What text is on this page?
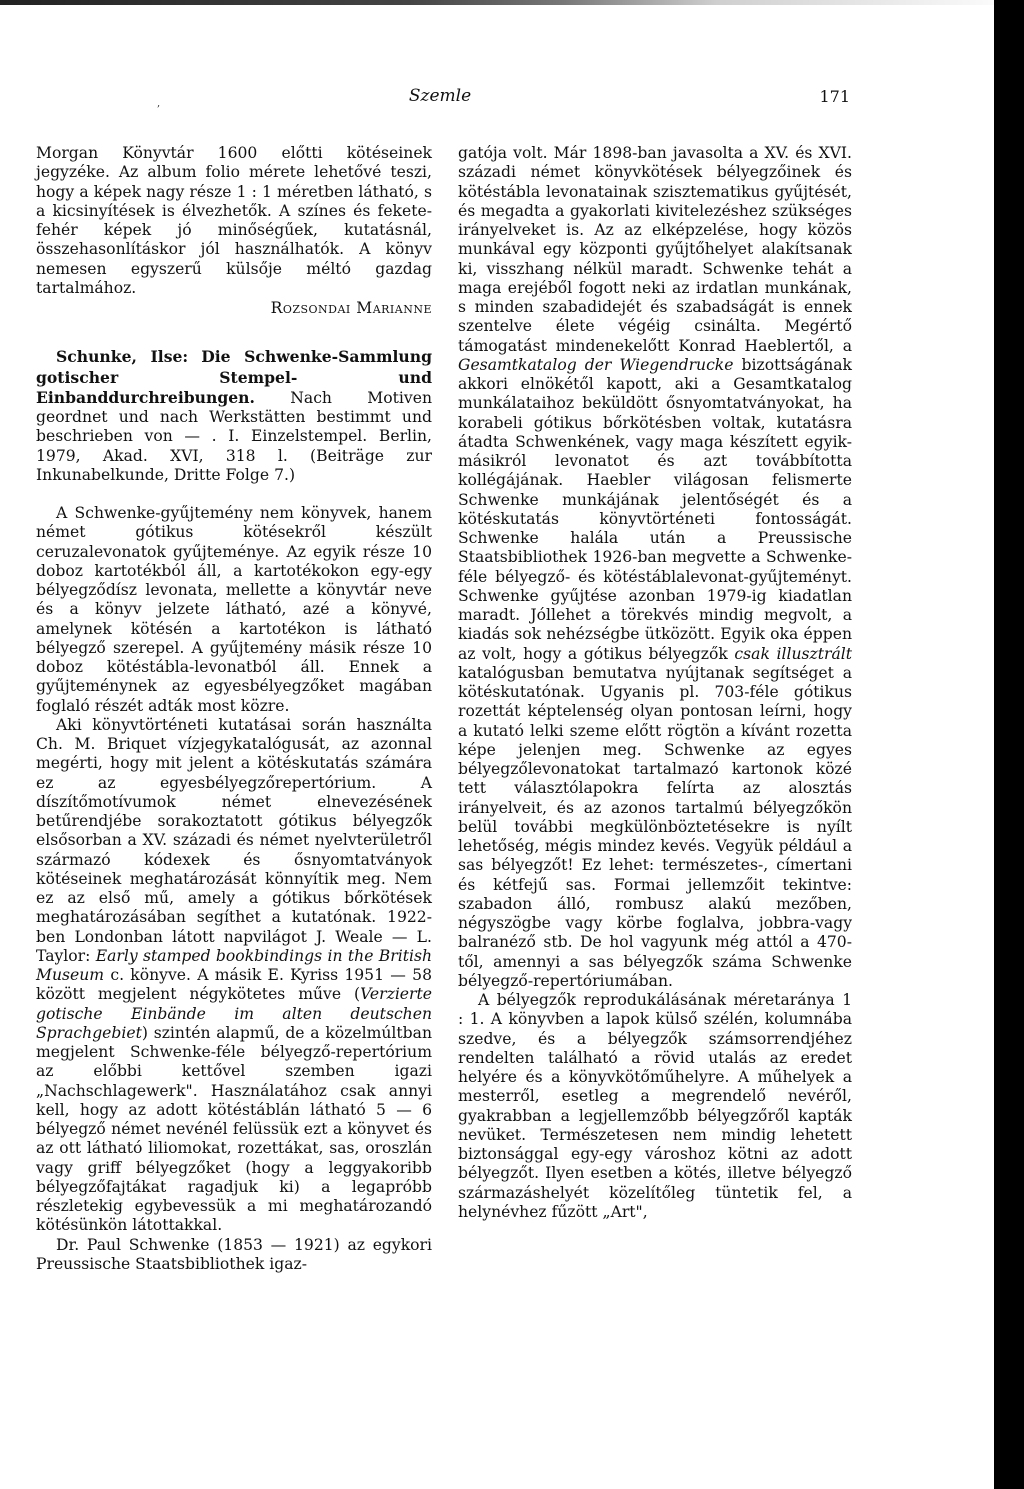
,	Szemle	171

Morgan Könyvtár 1600 előtti kötéseinek jegyzéke. Az album folio mérete lehetővé teszi, hogy a képek nagy része 1 : 1 méretben látható, s a kicsinyítések is élvezhetők. A színes és fekete-fehér képek jó minőségűek, kutatásnál, összehasonlításkor jól használhatók. A könyv nemesen egyszerű külsője méltó gazdag tartalmához.

Rozsondai Marianne

Schunke, Ilse: Die Schwenke-Sammlung gotischer Stempel- und Einbanddurchreibungen. Nach Motiven geordnet und nach Werkstätten bestimmt und beschrieben von — . I. Einzelstempel. Berlin, 1979, Akad. XVI, 318 l. (Beiträge zur Inkunabelkunde, Dritte Folge 7.)

A Schwenke-gyűjtemény nem könyvek, hanem német gótikus kötésekről készült ceruzalevonatok gyűjteménye. Az egyik része 10 doboz kartotékból áll, a kartotékokon egy-egy bélyegződísz levonata, mellette a könyvtár neve és a könyv jelzete látható, azé a könyvé, amelynek kötésén a kartotékon is látható bélyegző szerepel. A gyűjtemény másik része 10 doboz kötéstábla-levonatból áll. Ennek a gyűjteménynek az egyesbélyegzőket magában foglaló részét adták most közre.

Aki könyvtörténeti kutatásai során használta Ch. M. Briquet vízjegykatalógusát, az azonnal megérti, hogy mit jelent a kötéskutatás számára ez az egyesbélyegzőrepertórium. A díszítőmotívumok német elnevezésének betűrendjébe sorakoztatott gótikus bélyegzők elsősorban a XV. századi és német nyelvterületről származó kódexek és ősnyomtatványok kötéseinek meghatározását könnyítik meg. Nem ez az első mű, amely a gótikus bőrkötések meghatározásában segíthet a kutatónak. 1922-ben Londonban látott napvilágot J. Weale — L. Taylor: Early stamped bookbindings in the British Museum c. könyve. A másik E. Kyriss 1951 — 58 között megjelent négykötetes műve (Verzierte gotische Einbände im alten deutschen Sprachgebiet) szintén alapmű, de a közelmúltban megjelent Schwenke-féle bélyegző-repertórium az előbbi kettővel szemben igazi „Nachschlagewerk". Használatához csak annyi kell, hogy az adott kötéstáblán látható 5 — 6 bélyegző német nevénél felüssük ezt a könyvet és az ott látható liliomokat, rozettákat, sas, oroszlán vagy griff bélyegzőket (hogy a leggyakoribb bélyegzőfajtákat ragadjuk ki) a legapróbb részletekig egybevessük a mi meghatározandó kötésünkön látottakkal.

Dr. Paul Schwenke (1853 — 1921) az egykori Preussische Staatsbibliothek igaz-

gatója volt. Már 1898-ban javasolta a XV. és XVI. századi német könyvkötések bélyegzőinek és kötéstábla levonatainak szisztematikus gyűjtését, és megadta a gyakorlati kivitelezéshez szükséges irányelveket is. Az az elképzelése, hogy közös munkával egy központi gyűjtőhelyet alakítsanak ki, visszhang nélkül maradt. Schwenke tehát a maga erejéből fogott neki az irdatlan munkának, s minden szabadidejét és szabadságát is ennek szentelve élete végéig csinálta. Megértő támogatást mindenekelőtt Konrad Haeblertől, a Gesamtkatalog der Wiegendrucke bizottságának akkori elnökétől kapott, aki a Gesamtkatalog munkálataihoz beküldött ősnyomtatványokat, ha korabeli gótikus bőrkötésben voltak, kutatásra átadta Schwenkének, vagy maga készített egyik-másikról levonatot és azt továbbította kollégájának. Haebler világosan felismerte Schwenke munkájának jelentőségét és a kötéskutatás könyvtörténeti fontosságát. Schwenke halála után a Preussische Staatsbibliothek 1926-ban megvette a Schwenke-féle bélyegző- és kötéstáblalevonat-gyűjteményt. Schwenke gyűjtése azonban 1979-ig kiadatlan maradt. Jóllehet a törekvés mindig megvolt, a kiadás sok nehézségbe ütközött. Egyik oka éppen az volt, hogy a gótikus bélyegzők csak illusztrált katalógusban bemutatva nyújtanak segítséget a kötéskutatónak. Ugyanis pl. 703-féle gótikus rozettát képtelenség olyan pontosan leírni, hogy a kutató lelki szeme előtt rögtön a kívánt rozetta képe jelenjen meg. Schwenke az egyes bélyegzőlevonatokat tartalmazó kartonok közé tett választólapokra felírta az alosztás irányelveit, és az azonos tartalmú bélyegzőkön belül további megkülönböztetésekre is nyílt lehetőség, mégis mindez kevés. Vegyük például a sas bélyegzőt! Ez lehet: természetes-, címertani és kétfejű sas. Formai jellemzőit tekintve: szabadon álló, rombusz alakú mezőben, négyszögbe vagy körbe foglalva, jobbra-vagy balranéző stb. De hol vagyunk még attól a 470-től, amennyi a sas bélyegzők száma Schwenke bélyegző-repertóriumában.

A bélyegzők reprodukálásának méretaránya 1 : 1. A könyvben a lapok külső szélén, kolumnába szedve, és a bélyegzők számsorrendjéhez rendelten található a rövid utalás az eredet helyére és a könyvkötőműhelyre. A műhelyek a mesterről, esetleg a megrendelő nevéről, gyakrabban a legjellemzőbb bélyegzőről kapták nevüket. Természetesen nem mindig lehetett biztonsággal egy-egy városhoz kötni az adott bélyegzőt. Ilyen esetben a kötés, illetve bélyegző származáshelyét közelítőleg tüntetik fel, a helynévhez fűzött „Art",
